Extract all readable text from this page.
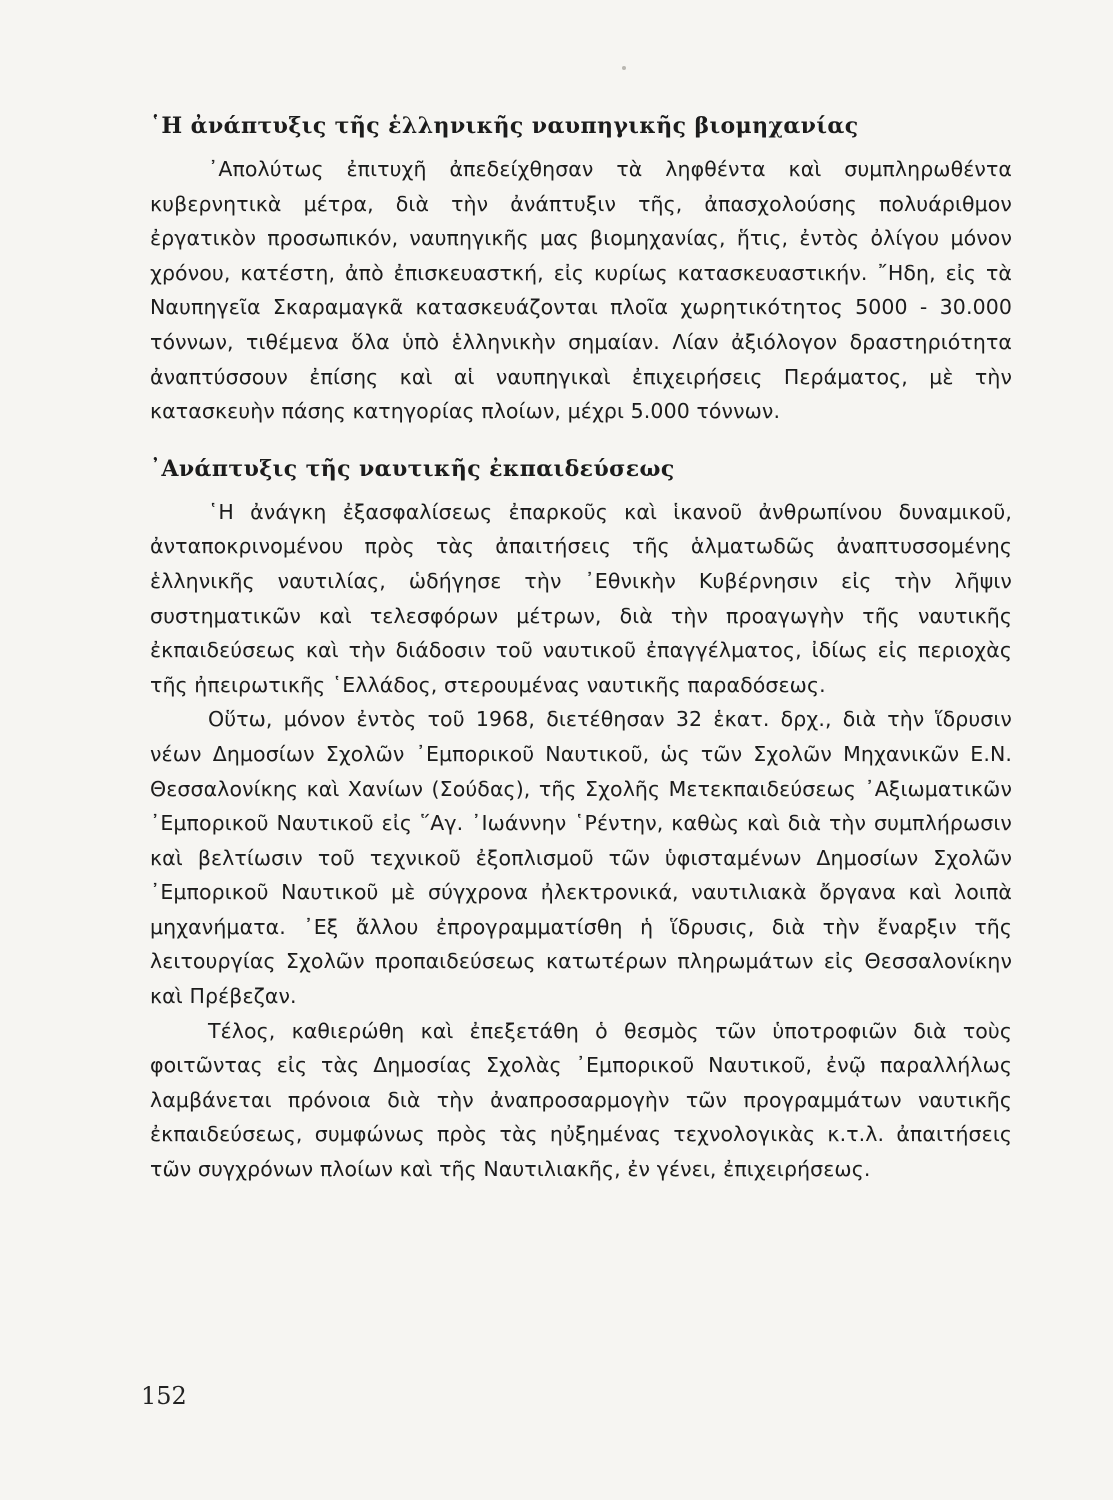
῾Η ἀνάπτυξις τῆς ἑλληνικῆς ναυπηγικῆς βιομηχανίας

᾿Απολύτως ἐπιτυχῆ ἀπεδείχθησαν τὰ ληφθέντα καὶ συμπληρωθέντα κυβερνητικὰ μέτρα, διὰ τὴν ἀνάπτυξιν τῆς, ἀπασχολούσης πολυάριθμον ἐργατικὸν προσωπικόν, ναυπηγικῆς μας βιομηχανίας, ἥτις, ἐντὸς ὀλίγου μόνον χρόνου, κατέστη, ἀπὸ ἐπισκευαστκή, εἰς κυρίως κατασκευαστικήν. ῎Ηδη, εἰς τὰ Ναυπηγεῖα Σκαραμαγκᾶ κατασκευάζονται πλοῖα χωρητικότητος 5000 - 30.000 τόννων, τιθέμενα ὅλα ὑπὸ ἑλληνικὴν σημαίαν. Λίαν ἀξιόλογον δραστηριότητα ἀναπτύσσουν ἐπίσης καὶ αἱ ναυπηγικαὶ ἐπιχειρήσεις Περάματος, μὲ τὴν κατασκευὴν πάσης κατηγορίας πλοίων, μέχρι 5.000 τόννων.

᾿Ανάπτυξις τῆς ναυτικῆς ἐκπαιδεύσεως

῾Η ἀνάγκη ἐξασφαλίσεως ἐπαρκοῦς καὶ ἱκανοῦ ἀνθρωπίνου δυναμικοῦ, ἀνταποκρινομένου πρὸς τὰς ἀπαιτήσεις τῆς ἁλματωδῶς ἀναπτυσσομένης ἑλληνικῆς ναυτιλίας, ὡδήγησε τὴν ᾿Εθνικὴν Κυβέρνησιν εἰς τὴν λῆψιν συστηματικῶν καὶ τελεσφόρων μέτρων, διὰ τὴν προαγωγὴν τῆς ναυτικῆς ἐκπαιδεύσεως καὶ τὴν διάδοσιν τοῦ ναυτικοῦ ἐπαγγέλματος, ἰδίως εἰς περιοχὰς τῆς ἠπειρωτικῆς ῾Ελλάδος, στερουμένας ναυτικῆς παραδόσεως.

Οὕτω, μόνον ἐντὸς τοῦ 1968, διετέθησαν 32 ἑκατ. δρχ., διὰ τὴν ἵδρυσιν νέων Δημοσίων Σχολῶν ᾿Εμπορικοῦ Ναυτικοῦ, ὡς τῶν Σχολῶν Μηχανικῶν Ε.Ν. Θεσσαλονίκης καὶ Χανίων (Σούδας), τῆς Σχολῆς Μετεκπαιδεύσεως ᾿Αξιωματικῶν ᾿Εμπορικοῦ Ναυτικοῦ εἰς ῞Αγ. ᾿Ιωάννην ῾Ρέντην, καθὼς καὶ διὰ τὴν συμπλήρωσιν καὶ βελτίωσιν τοῦ τεχνικοῦ ἐξοπλισμοῦ τῶν ὑφισταμένων Δημοσίων Σχολῶν ᾿Εμπορικοῦ Ναυτικοῦ μὲ σύγχρονα ἠλεκτρονικά, ναυτιλιακὰ ὄργανα καὶ λοιπὰ μηχανήματα. ᾿Εξ ἄλλου ἐπρογραμματίσθη ἡ ἵδρυσις, διὰ τὴν ἔναρξιν τῆς λειτουργίας Σχολῶν προπαιδεύσεως κατωτέρων πληρωμάτων εἰς Θεσσαλονίκην καὶ Πρέβεζαν.

Τέλος, καθιερώθη καὶ ἐπεξετάθη ὁ θεσμὸς τῶν ὑποτροφιῶν διὰ τοὺς φοιτῶντας εἰς τὰς Δημοσίας Σχολὰς ᾿Εμπορικοῦ Ναυτικοῦ, ἐνῷ παραλλήλως λαμβάνεται πρόνοια διὰ τὴν ἀναπροσαρμογὴν τῶν προγραμμάτων ναυτικῆς ἐκπαιδεύσεως, συμφώνως πρὸς τὰς ηὐξημένας τεχνολογικὰς κ.τ.λ. ἀπαιτήσεις τῶν συγχρόνων πλοίων καὶ τῆς Ναυτιλιακῆς, ἐν γένει, ἐπιχειρήσεως.

152
